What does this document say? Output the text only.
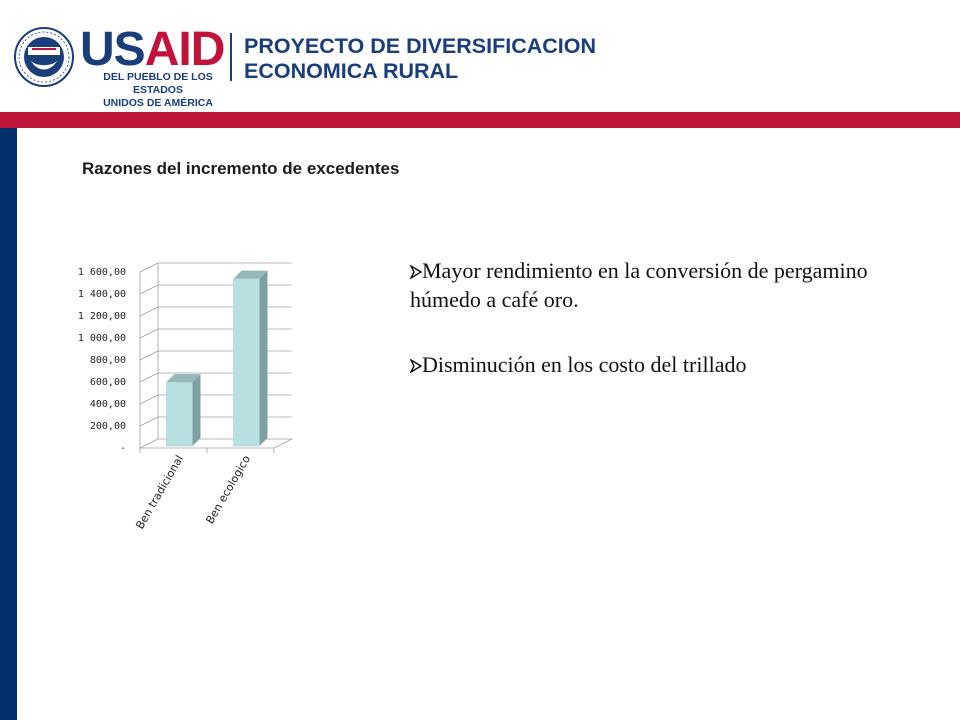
USAID
DEL PUEBLO DE LOS ESTADOS
UNIDOS DE AMÉRICA
PROYECTO DE DIVERSIFICACION
ECONOMICA RURAL
Razones del incremento de excedentes
-
200,00
400,00
600,00
800,00
1 000,00
1 200,00
1 400,00
1 600,00
Ben tradicional Ben ecologico
Mayor rendimiento en la conversión de pergamino húmedo a café oro.
Disminución en los costo del trillado
